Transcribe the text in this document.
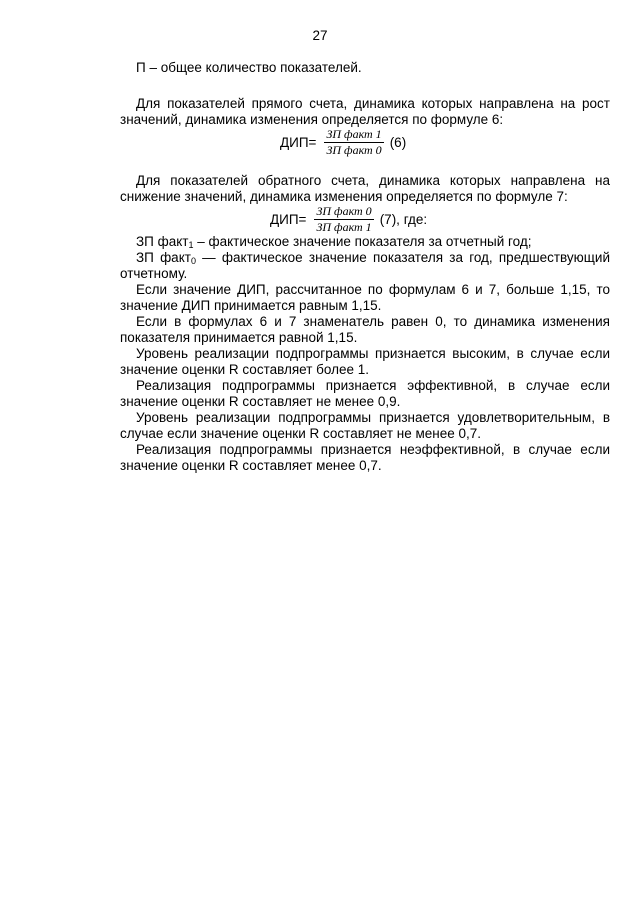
27

П – общее количество показателей.

Для показателей прямого счета, динамика которых направлена на рост значений, динамика изменения определяется по формуле 6:

$ДИП= \frac{\text{ЗП факт 1}}{\text{ЗП факт 0}} (6)$

Для показателей обратного счета, динамика которых направлена на снижение значений, динамика изменения определяется по формуле 7:

$ДИП= \frac{\text{ЗП факт 0}}{\text{ЗП факт 1}} (7)$, где:

ЗП факт$_1$ – фактическое значение показателя за отчетный год;

ЗП факт$_0$ — фактическое значение показателя за год, предшествующий отчетному.

Если значение ДИП, рассчитанное по формулам 6 и 7, больше 1,15, то значение ДИП принимается равным 1,15.

Если в формулах 6 и 7 знаменатель равен 0, то динамика изменения показателя принимается равной 1,15.

Уровень реализации подпрограммы признается высоким, в случае если значение оценки R составляет более 1.

Реализация подпрограммы признается эффективной, в случае если значение оценки R составляет не менее 0,9.

Уровень реализации подпрограммы признается удовлетворительным, в случае если значение оценки R составляет не менее 0,7.

Реализация подпрограммы признается неэффективной, в случае если значение оценки R составляет менее 0,7.
